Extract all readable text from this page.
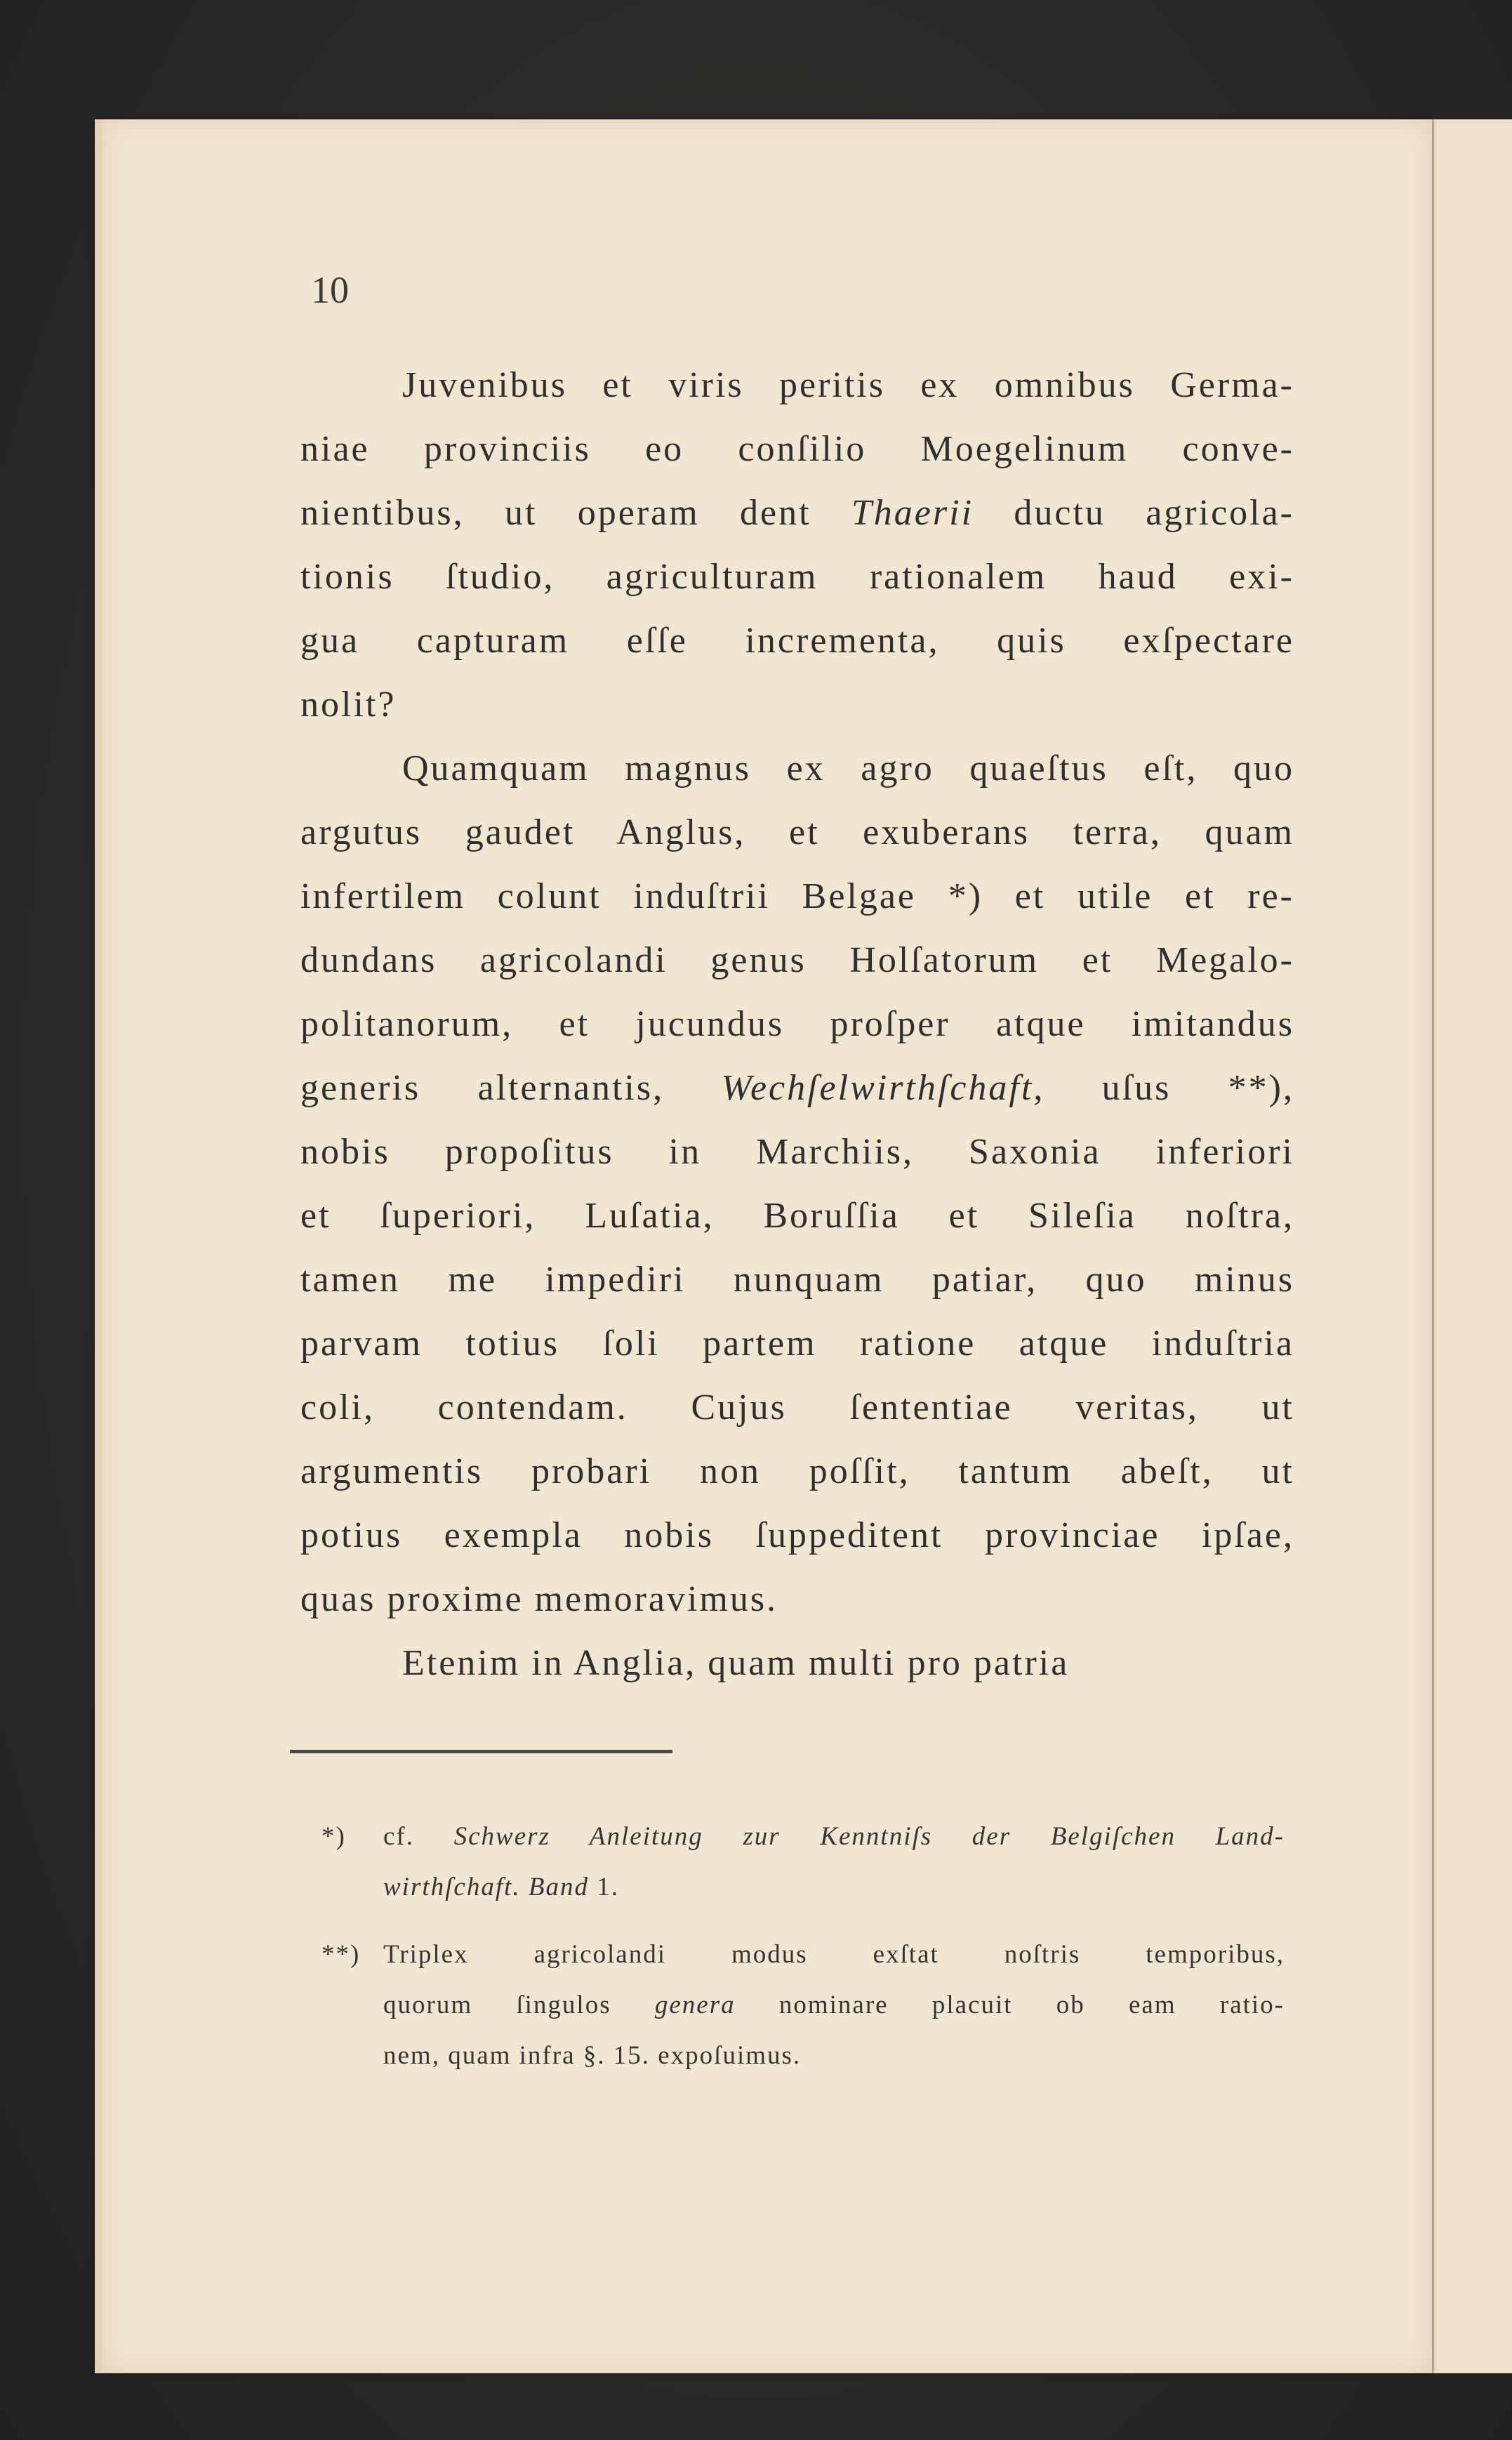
10
Juvenibus et viris peritis ex omnibus Germa-
niae provinciis eo conſilio Moegelinum conve-
nientibus, ut operam dent Thaerii ductu agricola-
tionis ſtudio, agriculturam rationalem haud exi-
gua capturam eſſe incrementa, quis exſpectare
nolit?
Quamquam magnus ex agro quaeſtus eſt, quo
argutus gaudet Anglus, et exuberans terra, quam
infertilem colunt induſtrii Belgae *) et utile et re-
dundans agricolandi genus Holſatorum et Megalo-
politanorum, et jucundus proſper atque imitandus
generis alternantis, Wechſelwirthſchaft, uſus **),
nobis propoſitus in Marchiis, Saxonia inferiori
et ſuperiori, Luſatia, Boruſſia et Sileſia noſtra,
tamen me impediri nunquam patiar, quo minus
parvam totius ſoli partem ratione atque induſtria
coli, contendam. Cujus ſententiae veritas, ut
argumentis probari non poſſit, tantum abeſt, ut
potius exempla nobis ſuppeditent provinciae ipſae,
quas proxime memoravimus.
Etenim in Anglia, quam multi pro patria
*) cf. Schwerz Anleitung zur Kenntniſs der Belgiſchen Land-
wirthſchaft. Band 1.
**) Triplex agricolandi modus exſtat noſtris temporibus,
quorum ſingulos genera nominare placuit ob eam ratio-
nem, quam infra §. 15. expoſuimus.
